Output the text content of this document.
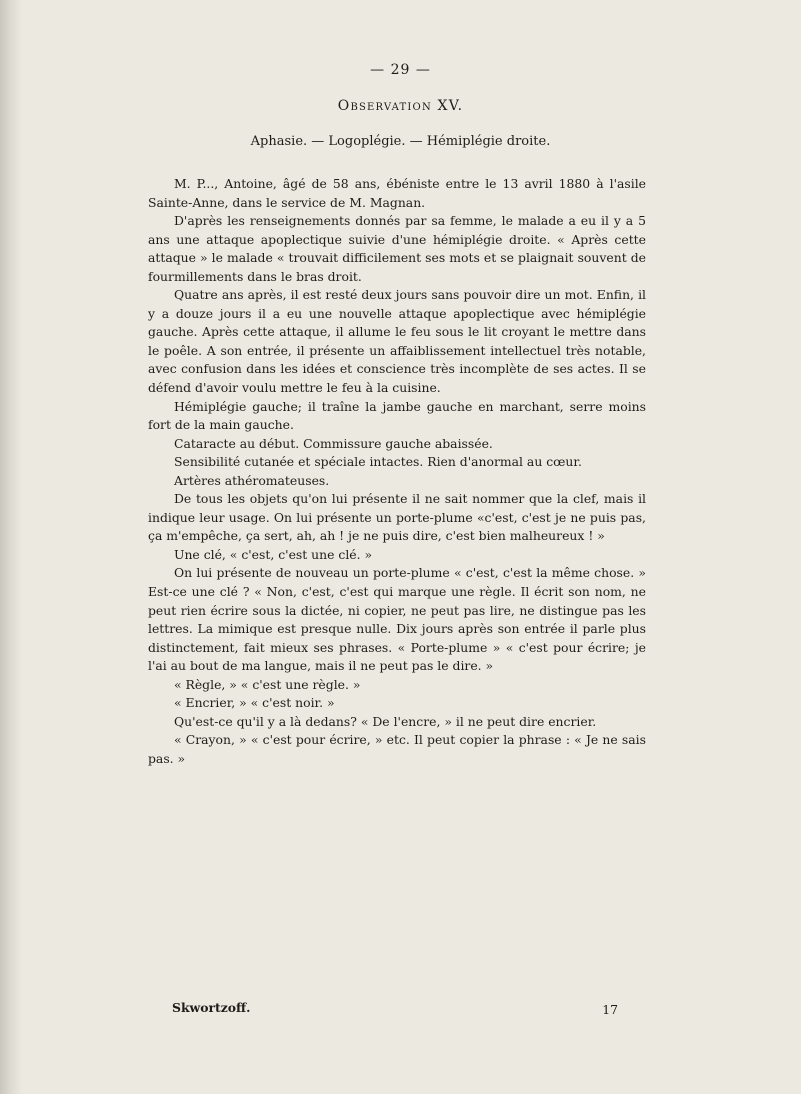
— 29 —
Observation XV.
Aphasie. — Logoplégie. — Hémiplégie droite.

M. P..., Antoine, âgé de 58 ans, ébéniste entre le 13 avril 1880 à l'asile Sainte-Anne, dans le service de M. Magnan.

D'après les renseignements donnés par sa femme, le malade a eu il y a 5 ans une attaque apoplectique suivie d'une hémiplégie droite. « Après cette attaque » le malade « trouvait difficilement ses mots et se plaignait souvent de fourmillements dans le bras droit.

Quatre ans après, il est resté deux jours sans pouvoir dire un mot. Enfin, il y a douze jours il a eu une nouvelle attaque apoplectique avec hémiplégie gauche. Après cette attaque, il allume le feu sous le lit croyant le mettre dans le poêle. A son entrée, il présente un affaiblissement intellectuel très notable, avec confusion dans les idées et conscience très incomplète de ses actes. Il se défend d'avoir voulu mettre le feu à la cuisine.

Hémiplégie gauche; il traîne la jambe gauche en marchant, serre moins fort de la main gauche.

Cataracte au début. Commissure gauche abaissée.

Sensibilité cutanée et spéciale intactes. Rien d'anormal au cœur.

Artères athéromateuses.

De tous les objets qu'on lui présente il ne sait nommer que la clef, mais il indique leur usage. On lui présente un porte-plume «c'est, c'est je ne puis pas, ça m'empêche, ça sert, ah, ah ! je ne puis dire, c'est bien malheureux ! »

Une clé, « c'est, c'est une clé. »

On lui présente de nouveau un porte-plume « c'est, c'est la même chose. » Est-ce une clé ? « Non, c'est, c'est qui marque une règle. Il écrit son nom, ne peut rien écrire sous la dictée, ni copier, ne peut pas lire, ne distingue pas les lettres. La mimique est presque nulle. Dix jours après son entrée il parle plus distinctement, fait mieux ses phrases. « Porte-plume » « c'est pour écrire; je l'ai au bout de ma langue, mais il ne peut pas le dire. »

« Règle, » « c'est une règle. »

« Encrier, » « c'est noir. »

Qu'est-ce qu'il y a là dedans? « De l'encre, » il ne peut dire encrier.

« Crayon, » « c'est pour écrire, » etc. Il peut copier la phrase : « Je ne sais pas. »

Skwortzoff.	17
